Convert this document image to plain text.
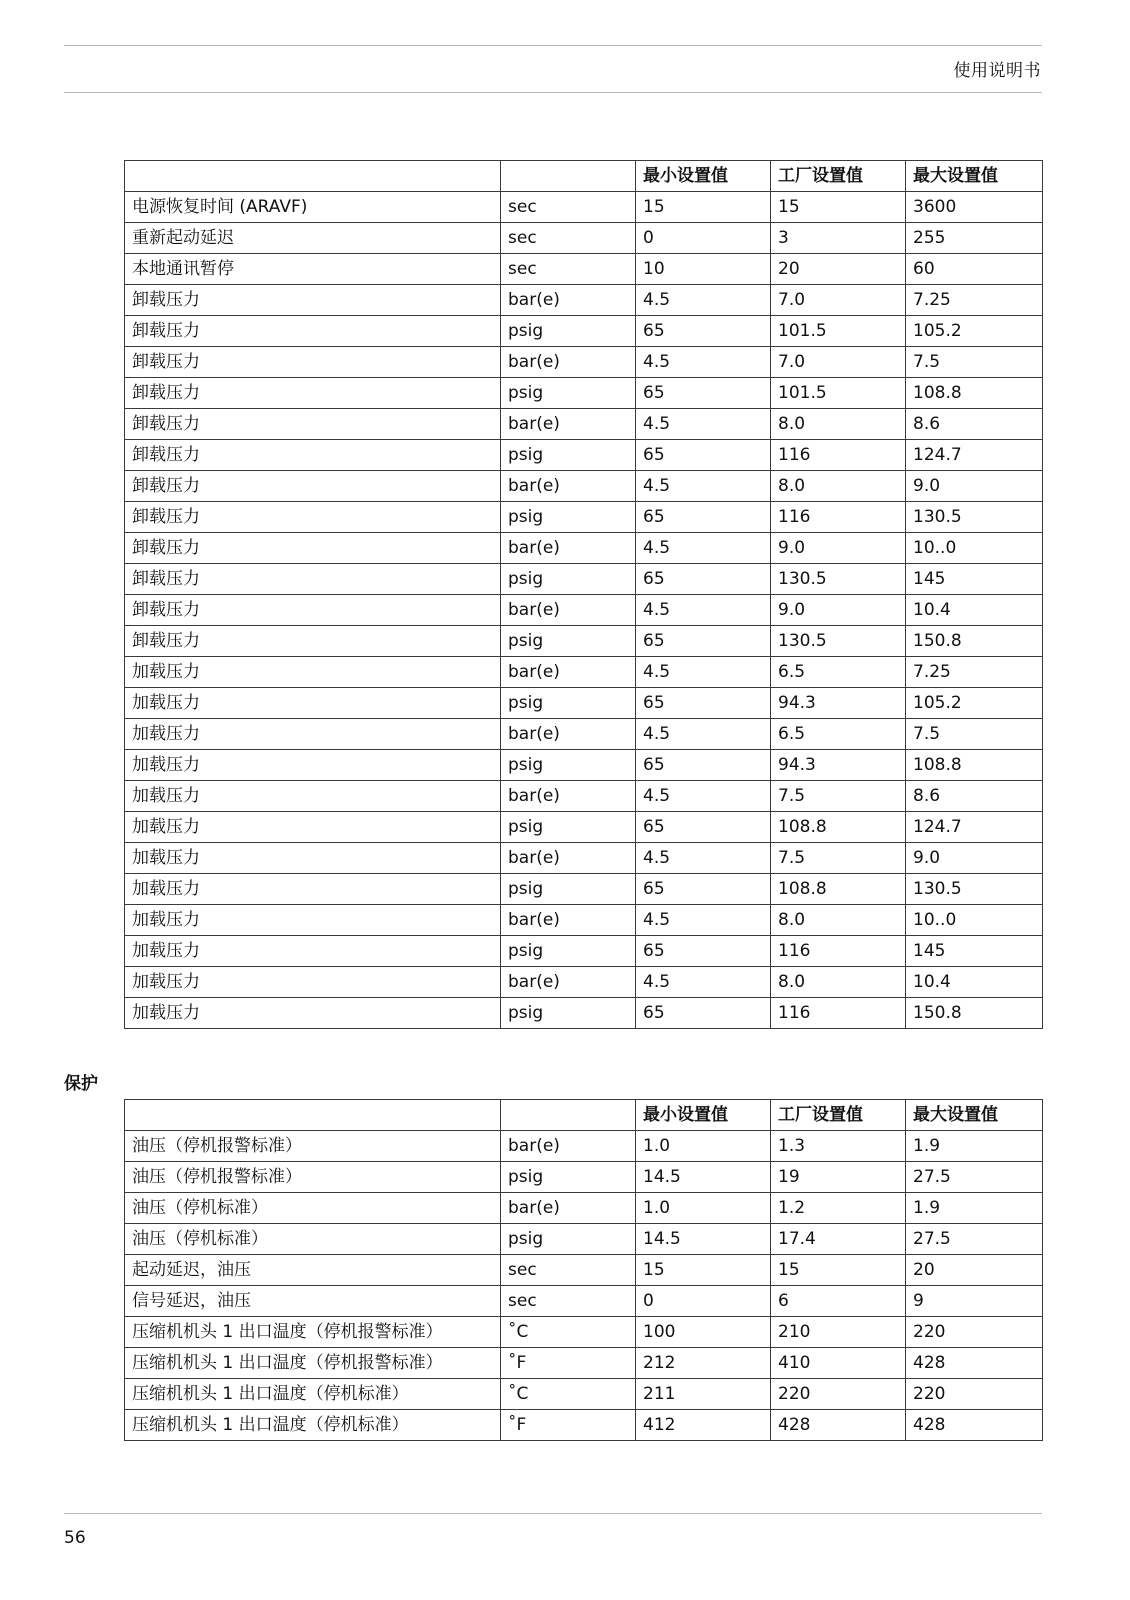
使用说明书
		最小设置值	工厂设置值	最大设置值
电源恢复时间 (ARAVF)	sec	15	15	3600
重新起动延迟	sec	0	3	255
本地通讯暂停	sec	10	20	60
卸载压力	bar(e)	4.5	7.0	7.25
卸载压力	psig	65	101.5	105.2
卸载压力	bar(e)	4.5	7.0	7.5
卸载压力	psig	65	101.5	108.8
卸载压力	bar(e)	4.5	8.0	8.6
卸载压力	psig	65	116	124.7
卸载压力	bar(e)	4.5	8.0	9.0
卸载压力	psig	65	116	130.5
卸载压力	bar(e)	4.5	9.0	10..0
卸载压力	psig	65	130.5	145
卸载压力	bar(e)	4.5	9.0	10.4
卸载压力	psig	65	130.5	150.8
加载压力	bar(e)	4.5	6.5	7.25
加载压力	psig	65	94.3	105.2
加载压力	bar(e)	4.5	6.5	7.5
加载压力	psig	65	94.3	108.8
加载压力	bar(e)	4.5	7.5	8.6
加载压力	psig	65	108.8	124.7
加载压力	bar(e)	4.5	7.5	9.0
加载压力	psig	65	108.8	130.5
加载压力	bar(e)	4.5	8.0	10..0
加载压力	psig	65	116	145
加载压力	bar(e)	4.5	8.0	10.4
加载压力	psig	65	116	150.8
保护
		最小设置值	工厂设置值	最大设置值
油压（停机报警标准）	bar(e)	1.0	1.3	1.9
油压（停机报警标准）	psig	14.5	19	27.5
油压（停机标准）	bar(e)	1.0	1.2	1.9
油压（停机标准）	psig	14.5	17.4	27.5
起动延迟，油压	sec	15	15	20
信号延迟，油压	sec	0	6	9
压缩机机头 1 出口温度（停机报警标准）	˚C	100	210	220
压缩机机头 1 出口温度（停机报警标准）	˚F	212	410	428
压缩机机头 1 出口温度（停机标准）	˚C	211	220	220
压缩机机头 1 出口温度（停机标准）	˚F	412	428	428
56
